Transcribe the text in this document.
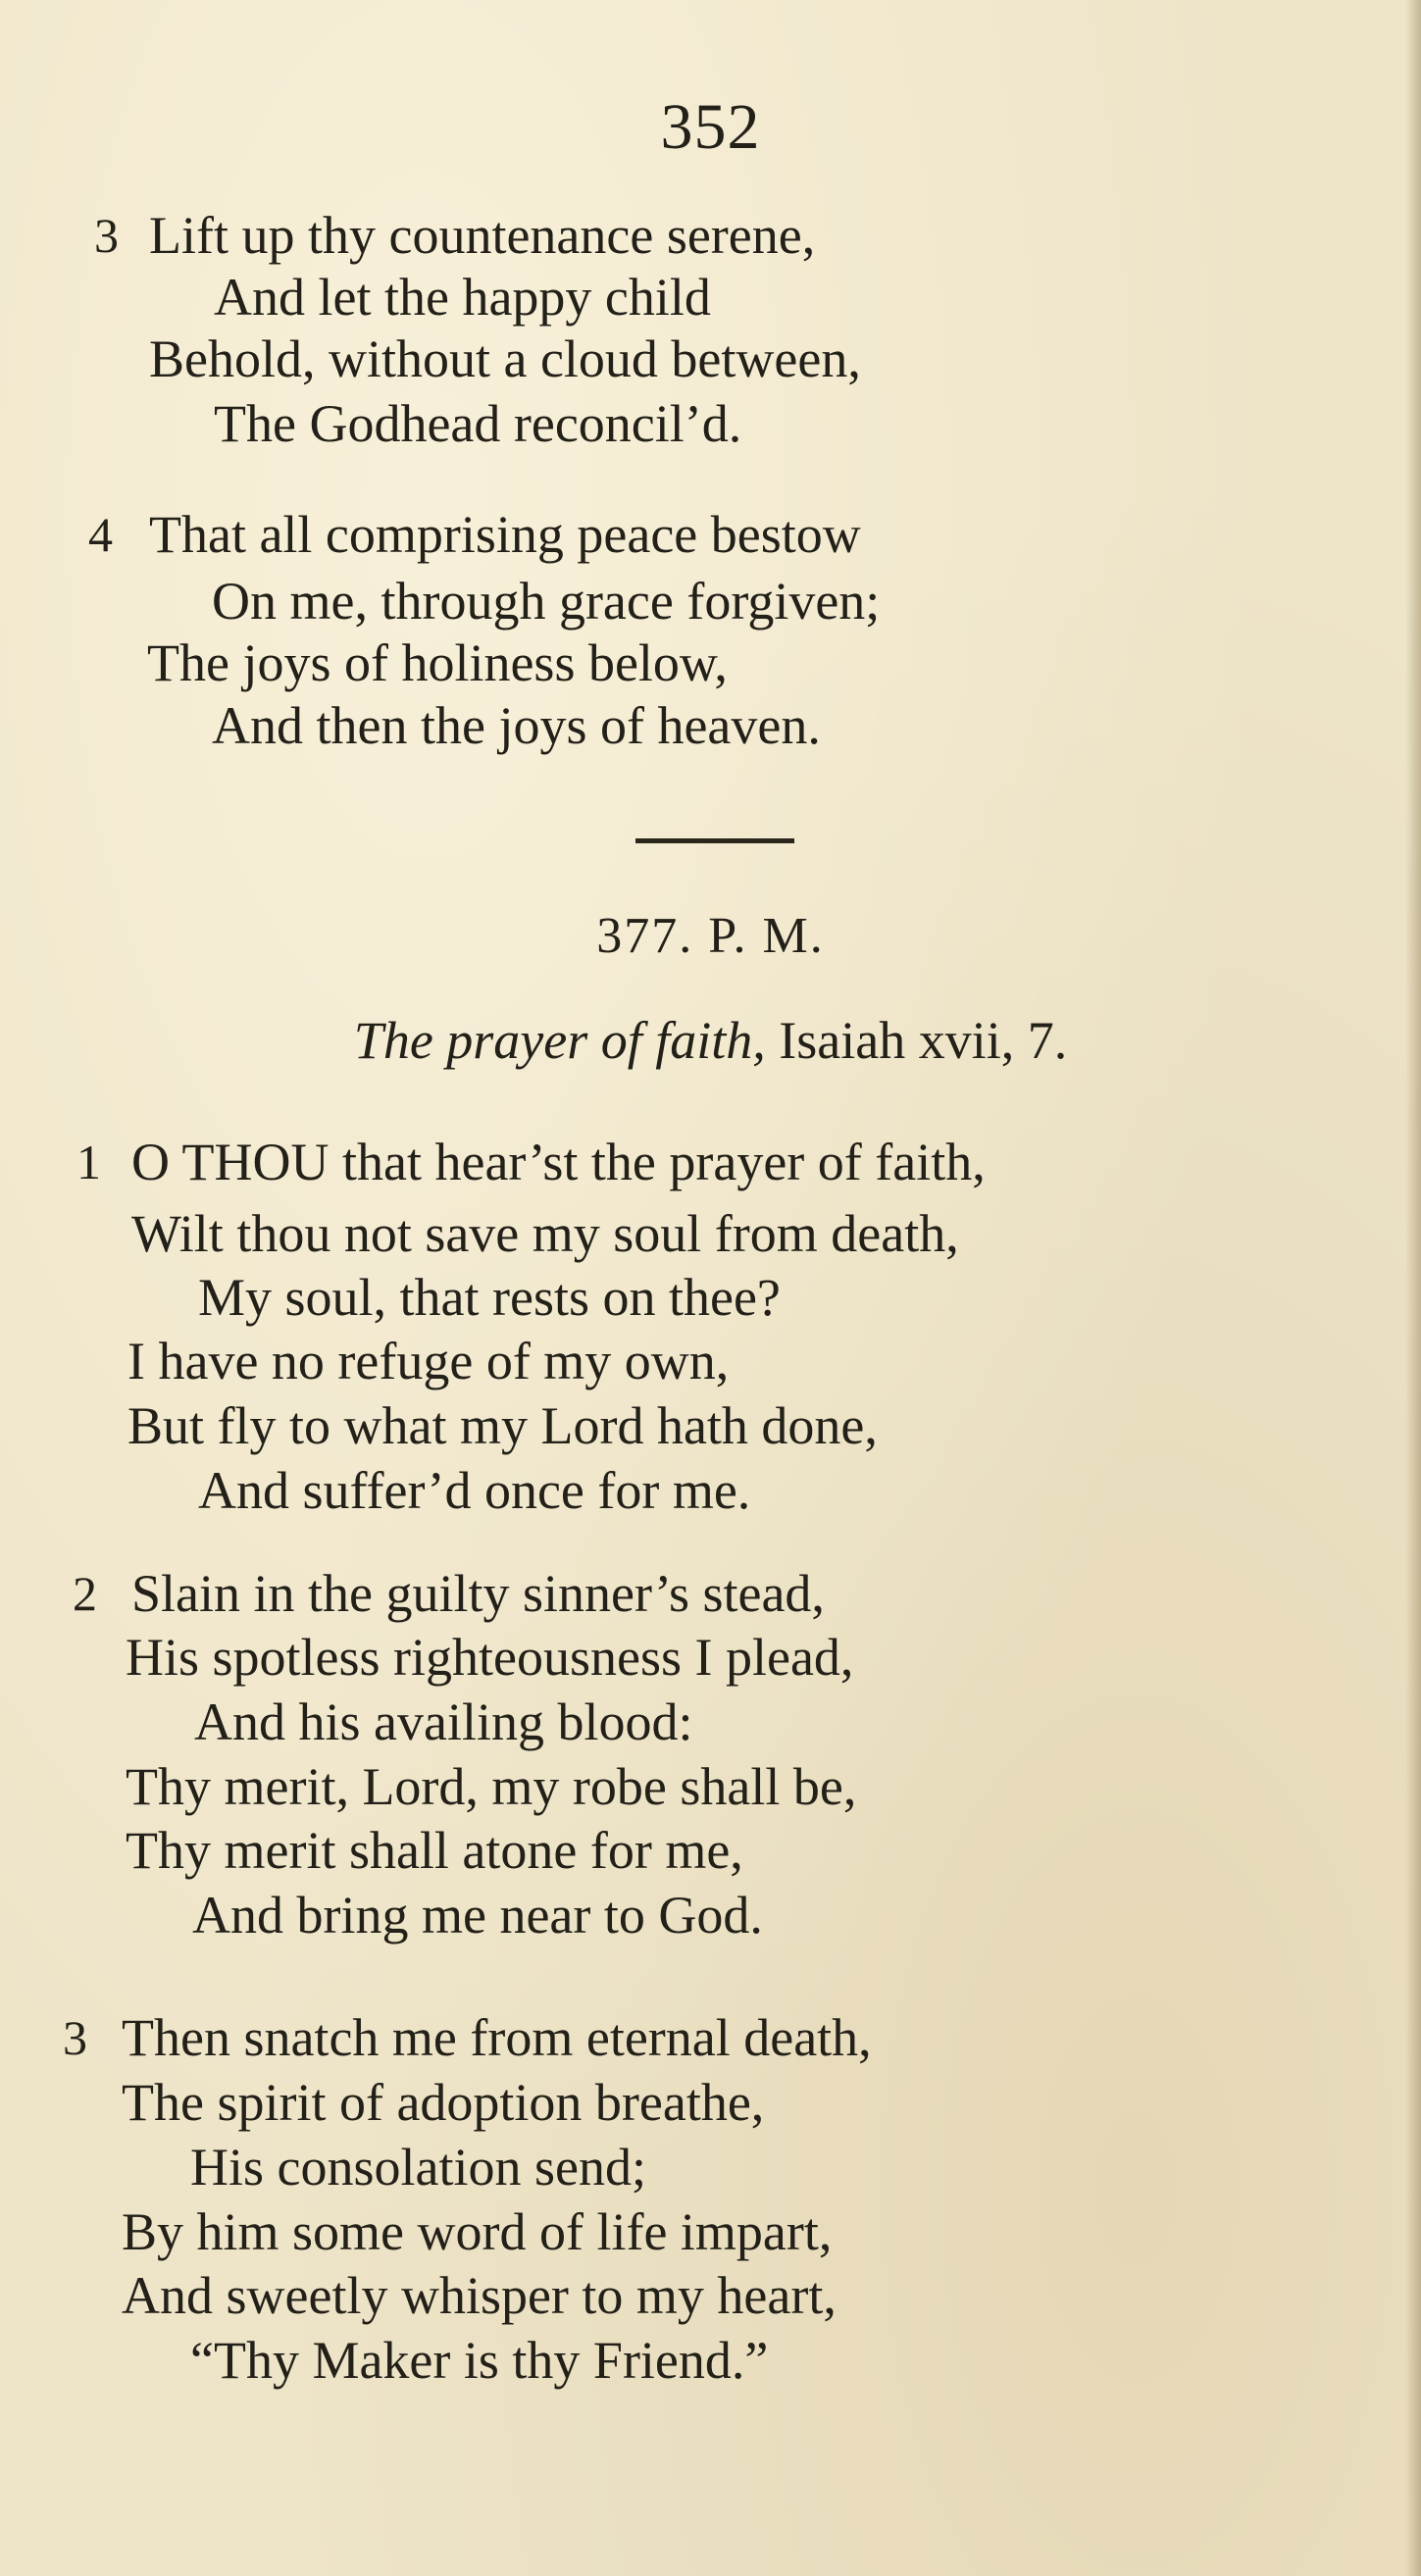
352
3 Lift up thy countenance serene,
And let the happy child
Behold, without a cloud between,
The Godhead reconcil’d.
4 That all comprising peace bestow
On me, through grace forgiven;
The joys of holiness below,
And then the joys of heaven.
377. P. M.
The prayer of faith, Isaiah xvii, 7.
1 O THOU that hear’st the prayer of faith,
Wilt thou not save my soul from death,
My soul, that rests on thee?
I have no refuge of my own,
But fly to what my Lord hath done,
And suffer’d once for me.
2 Slain in the guilty sinner’s stead,
His spotless righteousness I plead,
And his availing blood:
Thy merit, Lord, my robe shall be,
Thy merit shall atone for me,
And bring me near to God.
3 Then snatch me from eternal death,
The spirit of adoption breathe,
His consolation send;
By him some word of life impart,
And sweetly whisper to my heart,
“Thy Maker is thy Friend.”
